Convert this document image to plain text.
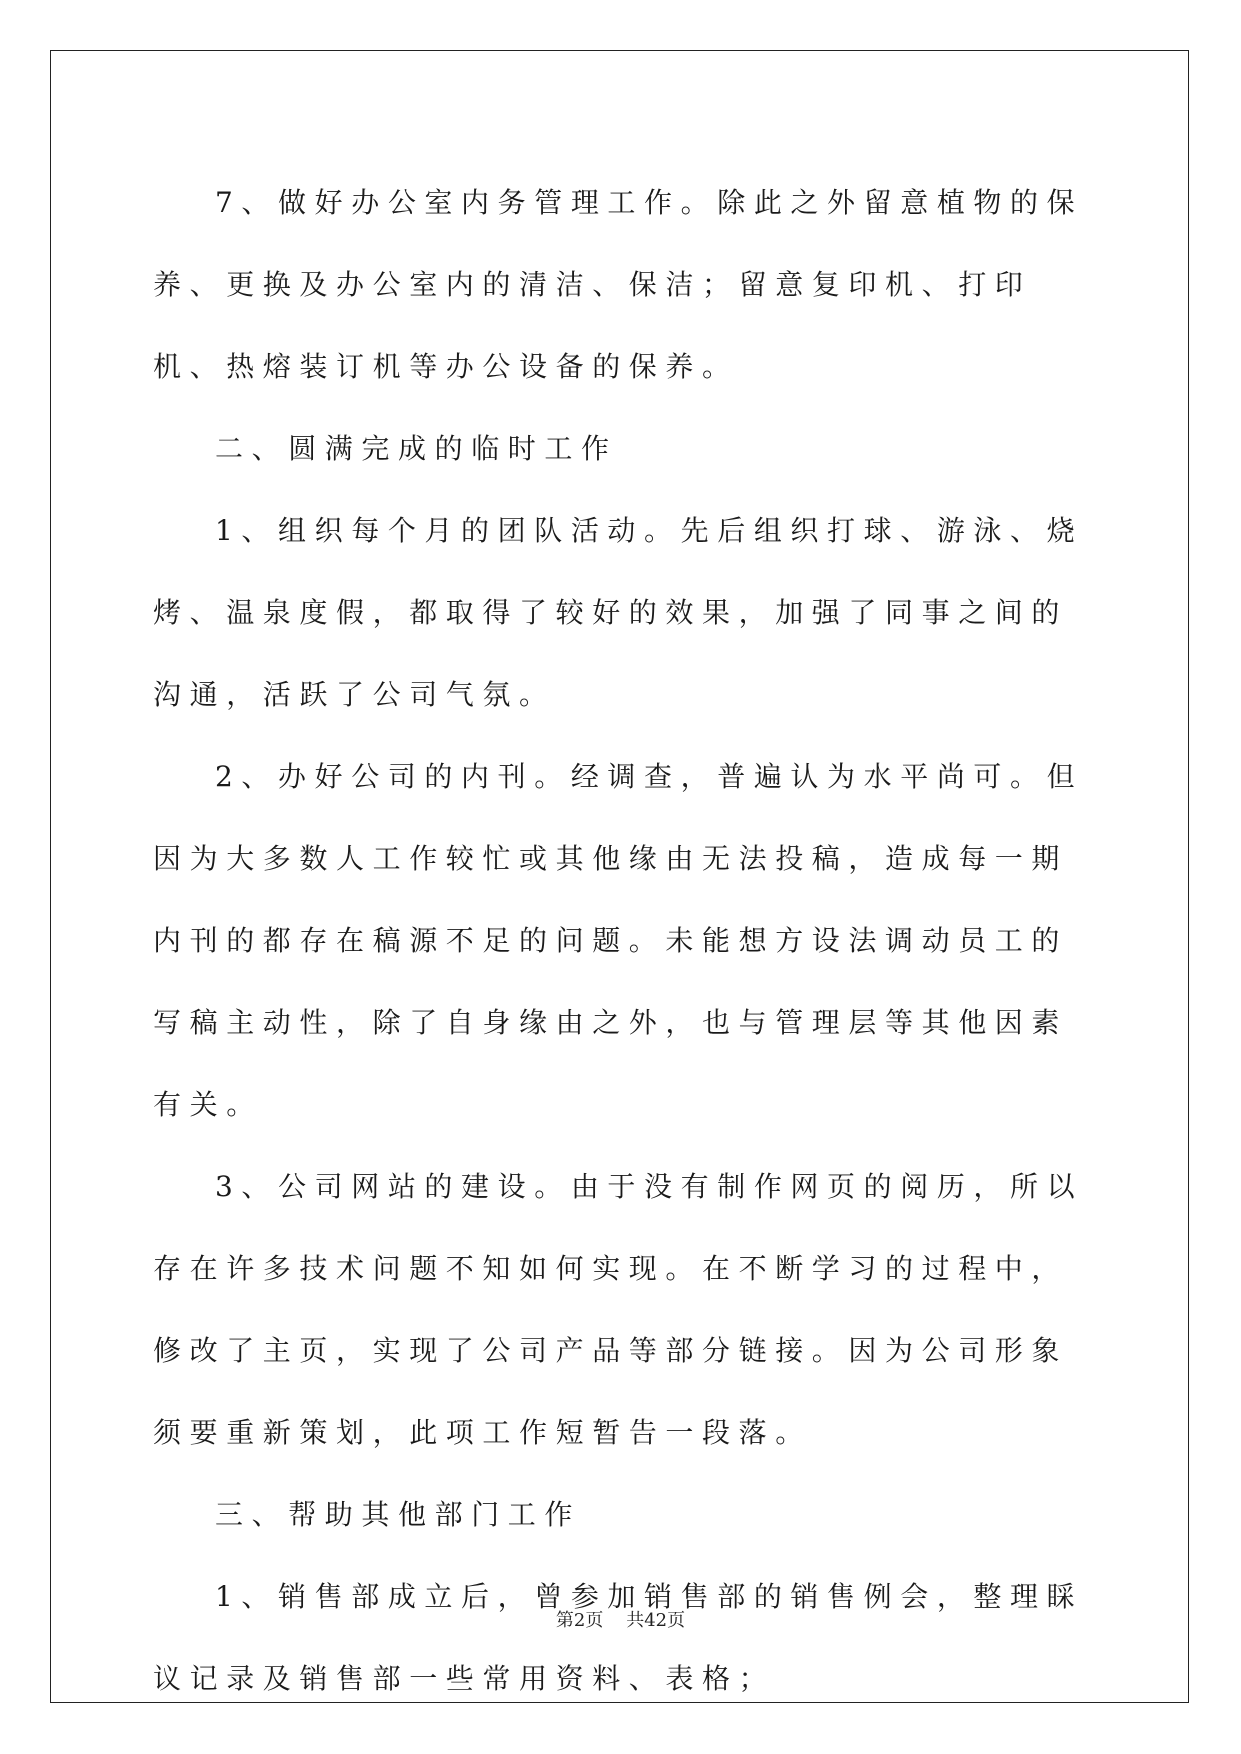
7、做好办公室内务管理工作。除此之外留意植物的保养、更换及办公室内的清洁、保洁；留意复印机、打印机、热熔装订机等办公设备的保养。

二、圆满完成的临时工作

1、组织每个月的团队活动。先后组织打球、游泳、烧烤、温泉度假，都取得了较好的效果，加强了同事之间的沟通，活跃了公司气氛。

2、办好公司的内刊。经调查，普遍认为水平尚可。但因为大多数人工作较忙或其他缘由无法投稿，造成每一期内刊的都存在稿源不足的问题。未能想方设法调动员工的写稿主动性，除了自身缘由之外，也与管理层等其他因素有关。

3、公司网站的建设。由于没有制作网页的阅历，所以存在许多技术问题不知如何实现。在不断学习的过程中，修改了主页，实现了公司产品等部分链接。因为公司形象须要重新策划，此项工作短暂告一段落。

三、帮助其他部门工作

1、销售部成立后，曾参加销售部的销售例会，整理睬议记录及销售部一些常用资料、表格；

第2页 共42页
